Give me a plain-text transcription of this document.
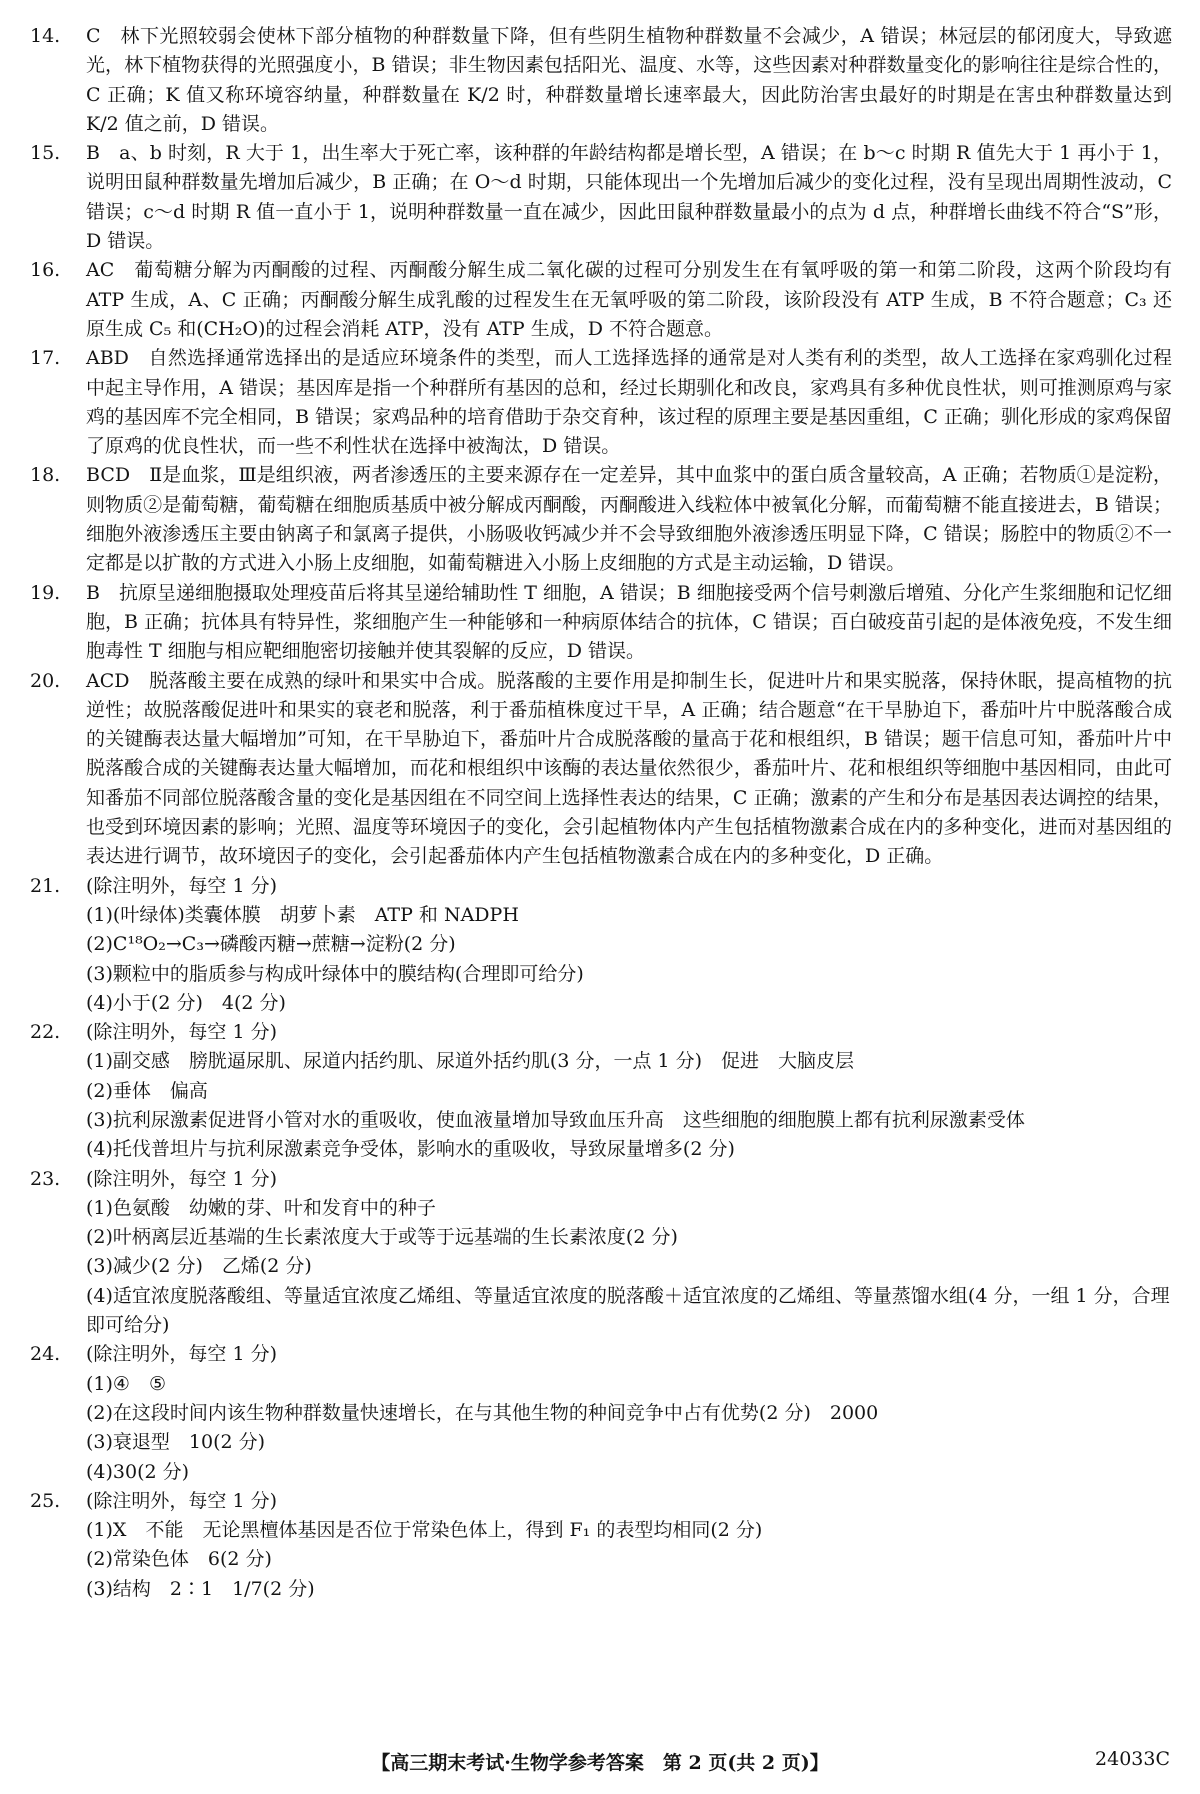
14. C　林下光照较弱会使林下部分植物的种群数量下降，但有些阴生植物种群数量不会减少，A 错误；林冠层的郁闭度大，导致遮光，林下植物获得的光照强度小，B 错误；非生物因素包括阳光、温度、水等，这些因素对种群数量变化的影响往往是综合性的，C 正确；K 值又称环境容纳量，种群数量在 K/2 时，种群数量增长速率最大，因此防治害虫最好的时期是在害虫种群数量达到 K/2 值之前，D 错误。

15. B　a、b 时刻，R 大于 1，出生率大于死亡率，该种群的年龄结构都是增长型，A 错误；在 b～c 时期 R 值先大于 1 再小于 1，说明田鼠种群数量先增加后减少，B 正确；在 O～d 时期，只能体现出一个先增加后减少的变化过程，没有呈现出周期性波动，C 错误；c～d 时期 R 值一直小于 1，说明种群数量一直在减少，因此田鼠种群数量最小的点为 d 点，种群增长曲线不符合“S”形，D 错误。

16. AC　葡萄糖分解为丙酮酸的过程、丙酮酸分解生成二氧化碳的过程可分别发生在有氧呼吸的第一和第二阶段，这两个阶段均有 ATP 生成，A、C 正确；丙酮酸分解生成乳酸的过程发生在无氧呼吸的第二阶段，该阶段没有 ATP 生成，B 不符合题意；C₃ 还原生成 C₅ 和(CH₂O)的过程会消耗 ATP，没有 ATP 生成，D 不符合题意。

17. ABD　自然选择通常选择出的是适应环境条件的类型，而人工选择选择的通常是对人类有利的类型，故人工选择在家鸡驯化过程中起主导作用，A 错误；基因库是指一个种群所有基因的总和，经过长期驯化和改良，家鸡具有多种优良性状，则可推测原鸡与家鸡的基因库不完全相同，B 错误；家鸡品种的培育借助于杂交育种，该过程的原理主要是基因重组，C 正确；驯化形成的家鸡保留了原鸡的优良性状，而一些不利性状在选择中被淘汰，D 错误。

18. BCD　Ⅱ是血浆，Ⅲ是组织液，两者渗透压的主要来源存在一定差异，其中血浆中的蛋白质含量较高，A 正确；若物质①是淀粉，则物质②是葡萄糖，葡萄糖在细胞质基质中被分解成丙酮酸，丙酮酸进入线粒体中被氧化分解，而葡萄糖不能直接进去，B 错误；细胞外液渗透压主要由钠离子和氯离子提供，小肠吸收钙减少并不会导致细胞外液渗透压明显下降，C 错误；肠腔中的物质②不一定都是以扩散的方式进入小肠上皮细胞，如葡萄糖进入小肠上皮细胞的方式是主动运输，D 错误。

19. B　抗原呈递细胞摄取处理疫苗后将其呈递给辅助性 T 细胞，A 错误；B 细胞接受两个信号刺激后增殖、分化产生浆细胞和记忆细胞，B 正确；抗体具有特异性，浆细胞产生一种能够和一种病原体结合的抗体，C 错误；百白破疫苗引起的是体液免疫，不发生细胞毒性 T 细胞与相应靶细胞密切接触并使其裂解的反应，D 错误。

20. ACD　脱落酸主要在成熟的绿叶和果实中合成。脱落酸的主要作用是抑制生长，促进叶片和果实脱落，保持休眠，提高植物的抗逆性；故脱落酸促进叶和果实的衰老和脱落，利于番茄植株度过干旱，A 正确；结合题意“在干旱胁迫下，番茄叶片中脱落酸合成的关键酶表达量大幅增加”可知，在干旱胁迫下，番茄叶片合成脱落酸的量高于花和根组织，B 错误；题干信息可知，番茄叶片中脱落酸合成的关键酶表达量大幅增加，而花和根组织中该酶的表达量依然很少，番茄叶片、花和根组织等细胞中基因相同，由此可知番茄不同部位脱落酸含量的变化是基因组在不同空间上选择性表达的结果，C 正确；激素的产生和分布是基因表达调控的结果，也受到环境因素的影响；光照、温度等环境因子的变化，会引起植物体内产生包括植物激素合成在内的多种变化，进而对基因组的表达进行调节，故环境因子的变化，会引起番茄体内产生包括植物激素合成在内的多种变化，D 正确。

21. (除注明外，每空 1 分)

(1)(叶绿体)类囊体膜　胡萝卜素　ATP 和 NADPH

(2)C¹⁸O₂→C₃→磷酸丙糖→蔗糖→淀粉(2 分)

(3)颗粒中的脂质参与构成叶绿体中的膜结构(合理即可给分)

(4)小于(2 分)　4(2 分)

22. (除注明外，每空 1 分)

(1)副交感　膀胱逼尿肌、尿道内括约肌、尿道外括约肌(3 分，一点 1 分)　促进　大脑皮层

(2)垂体　偏高

(3)抗利尿激素促进肾小管对水的重吸收，使血液量增加导致血压升高　这些细胞的细胞膜上都有抗利尿激素受体

(4)托伐普坦片与抗利尿激素竞争受体，影响水的重吸收，导致尿量增多(2 分)

23. (除注明外，每空 1 分)

(1)色氨酸　幼嫩的芽、叶和发育中的种子

(2)叶柄离层近基端的生长素浓度大于或等于远基端的生长素浓度(2 分)

(3)减少(2 分)　乙烯(2 分)

(4)适宜浓度脱落酸组、等量适宜浓度乙烯组、等量适宜浓度的脱落酸＋适宜浓度的乙烯组、等量蒸馏水组(4 分，一组 1 分，合理即可给分)

24. (除注明外，每空 1 分)

(1)④　⑤

(2)在这段时间内该生物种群数量快速增长，在与其他生物的种间竞争中占有优势(2 分)　2000

(3)衰退型　10(2 分)

(4)30(2 分)

25. (除注明外，每空 1 分)

(1)X　不能　无论黑檀体基因是否位于常染色体上，得到 F₁ 的表型均相同(2 分)

(2)常染色体　6(2 分)

(3)结构　2∶1　1/7(2 分)

【高三期末考试·生物学参考答案　第 2 页(共 2 页)】	24033C
